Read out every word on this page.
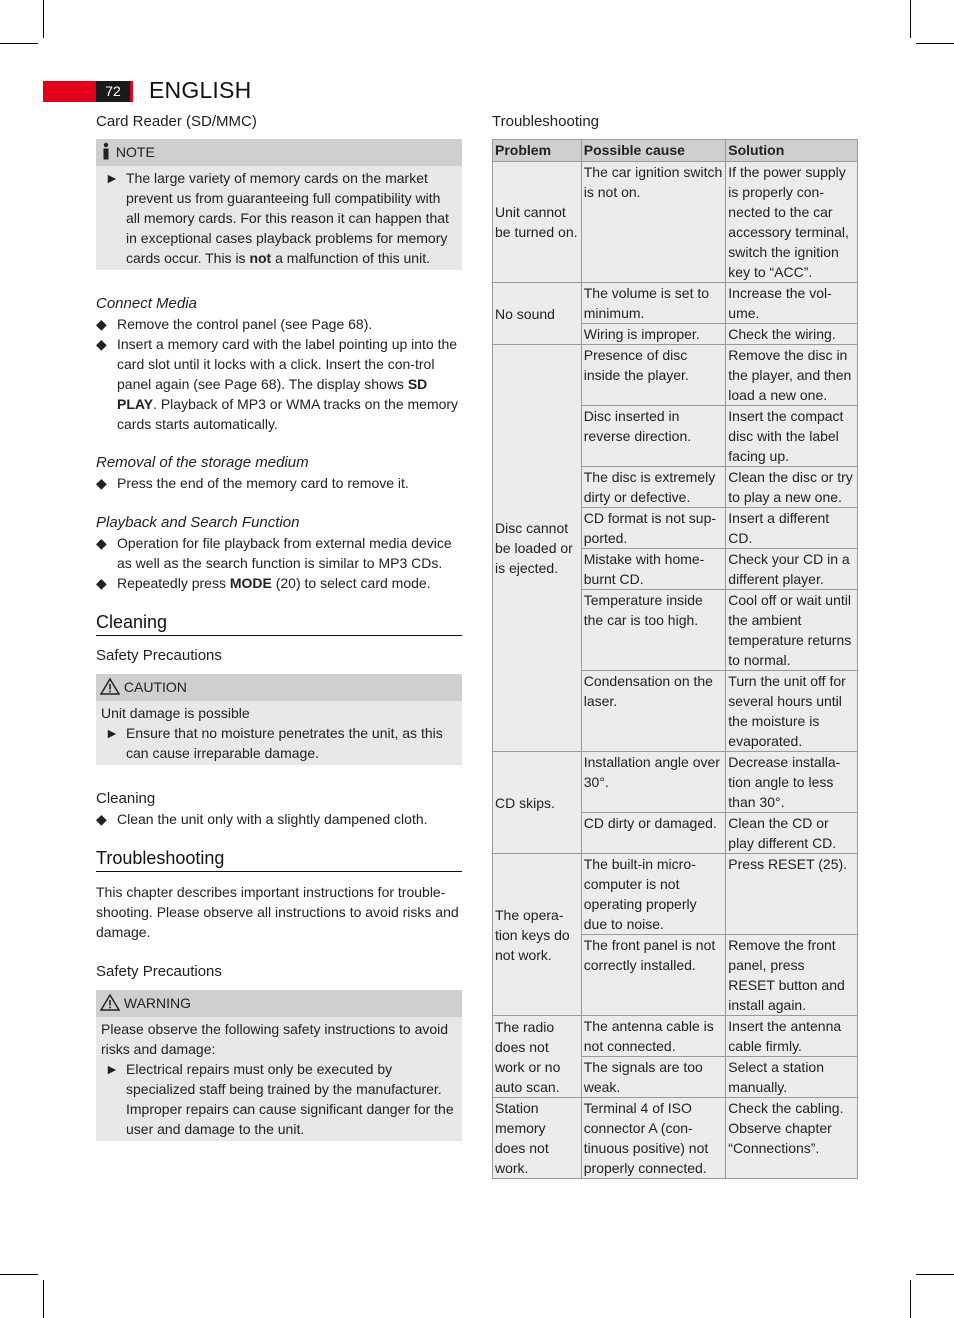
72	ENGLISH
Card Reader (SD/MMC)
NOTE
► The large variety of memory cards on the market prevent us from guaranteeing full compatibility with all memory cards. For this reason it can happen that in exceptional cases playback problems for memory cards occur. This is not a malfunction of this unit.
Connect Media
◆ Remove the control panel (see Page 68).
◆ Insert a memory card with the label pointing up into the card slot until it locks with a click. Insert the con-trol panel again (see Page 68). The display shows SD PLAY. Playback of MP3 or WMA tracks on the memory cards starts automatically.
Removal of the storage medium
◆ Press the end of the memory card to remove it.
Playback and Search Function
◆ Operation for file playback from external media device as well as the search function is similar to MP3 CDs.
◆ Repeatedly press MODE (20) to select card mode.
Cleaning
Safety Precautions
CAUTION
Unit damage is possible
► Ensure that no moisture penetrates the unit, as this can cause irreparable damage.
Cleaning
◆ Clean the unit only with a slightly dampened cloth.
Troubleshooting
This chapter describes important instructions for trouble-shooting. Please observe all instructions to avoid risks and damage.
Safety Precautions
WARNING
Please observe the following safety instructions to avoid risks and damage:
► Electrical repairs must only be executed by specialized staff being trained by the manufacturer. Improper repairs can cause significant danger for the user and damage to the unit.
Troubleshooting
Problem	Possible cause	Solution
Unit cannot be turned on.	The car ignition switch is not on.	If the power supply is properly con-nected to the car accessory terminal, switch the ignition key to “ACC”.
No sound	The volume is set to minimum.	Increase the vol-ume.
	Wiring is improper.	Check the wiring.
Disc cannot be loaded or is ejected.	Presence of disc inside the player.	Remove the disc in the player, and then load a new one.
	Disc inserted in reverse direction.	Insert the compact disc with the label facing up.
	The disc is extremely dirty or defective.	Clean the disc or try to play a new one.
	CD format is not sup-ported.	Insert a different CD.
	Mistake with home-burnt CD.	Check your CD in a different player.
	Temperature inside the car is too high.	Cool off or wait until the ambient temperature returns to normal.
	Condensation on the laser.	Turn the unit off for several hours until the moisture is evaporated.
CD skips.	Installation angle over 30°.	Decrease installa-tion angle to less than 30°.
	CD dirty or damaged.	Clean the CD or play different CD.
The opera-tion keys do not work.	The built-in micro-computer is not operating properly due to noise.	Press RESET (25).
	The front panel is not correctly installed.	Remove the front panel, press RESET button and install again.
The radio does not work or no auto scan.	The antenna cable is not connected.	Insert the antenna cable firmly.
	The signals are too weak.	Select a station manually.
Station memory does not work.	Terminal 4 of ISO connector A (con-tinuous positive) not properly connected.	Check the cabling. Observe chapter “Connections”.
